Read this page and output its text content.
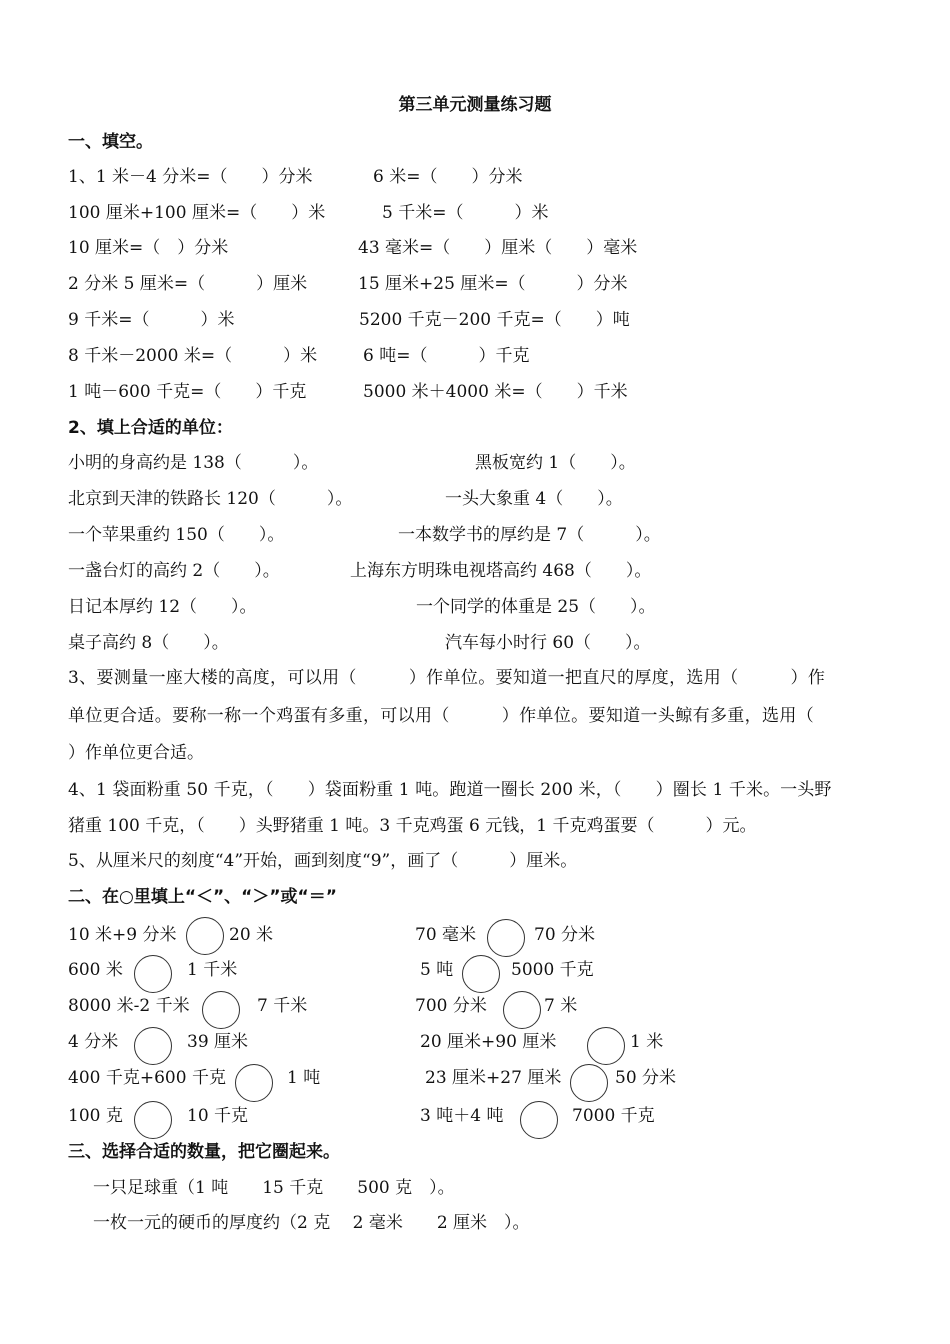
第三单元测量练习题
一、填空。
1、1 米－4 分米=（　　）分米	6 米=（　　）分米
100 厘米+100 厘米=（　　）米	5 千米=（　　　）米
10 厘米=（　）分米	43 毫米=（　　）厘米（　　）毫米
2 分米 5 厘米=（　　　）厘米	15 厘米+25 厘米=（　　　）分米
9 千米=（　　　）米	5200 千克－200 千克=（　　）吨
8 千米－2000 米=（　　　）米	6 吨=（　　　）千克
1 吨－600 千克=（　　）千克	5000 米＋4000 米=（　　）千米
2、填上合适的单位：
小明的身高约是 138（　　　）。	黑板宽约 1（　　）。
北京到天津的铁路长 120（　　　）。	一头大象重 4（　　）。
一个苹果重约 150（　　）。	一本数学书的厚约是 7（　　　）。
一盏台灯的高约 2（　　）。	上海东方明珠电视塔高约 468（　　）。
日记本厚约 12（　　）。	一个同学的体重是 25（　　）。
桌子高约 8（　　）。	汽车每小时行 60（　　）。
3、要测量一座大楼的高度，可以用（　　　）作单位。要知道一把直尺的厚度，选用（　　　）作
单位更合适。要称一称一个鸡蛋有多重，可以用（　　　）作单位。要知道一头鲸有多重，选用（
）作单位更合适。
4、1 袋面粉重 50 千克，（　　）袋面粉重 1 吨。跑道一圈长 200 米，（　　）圈长 1 千米。一头野
猪重 100 千克，（　　）头野猪重 1 吨。3 千克鸡蛋 6 元钱，1 千克鸡蛋要（　　　）元。
5、从厘米尺的刻度“4”开始，画到刻度“9”，画了（　　　）厘米。
二、在○里填上“＜”、“＞”或“＝”
10 米+9 分米	20 米	70 毫米	70 分米
600 米	1 千米	5 吨	5000 千克
8000 米-2 千米	7 千米	700 分米	7 米
4 分米	39 厘米	20 厘米+90 厘米	1 米
400 千克+600 千克	1 吨	23 厘米+27 厘米	50 分米
100 克	10 千克	3 吨＋4 吨	7000 千克
三、选择合适的数量，把它圈起来。
一只足球重（1 吨　　15 千克　　500 克　）。
一枚一元的硬币的厚度约（2 克　 2 毫米　　2 厘米　）。
